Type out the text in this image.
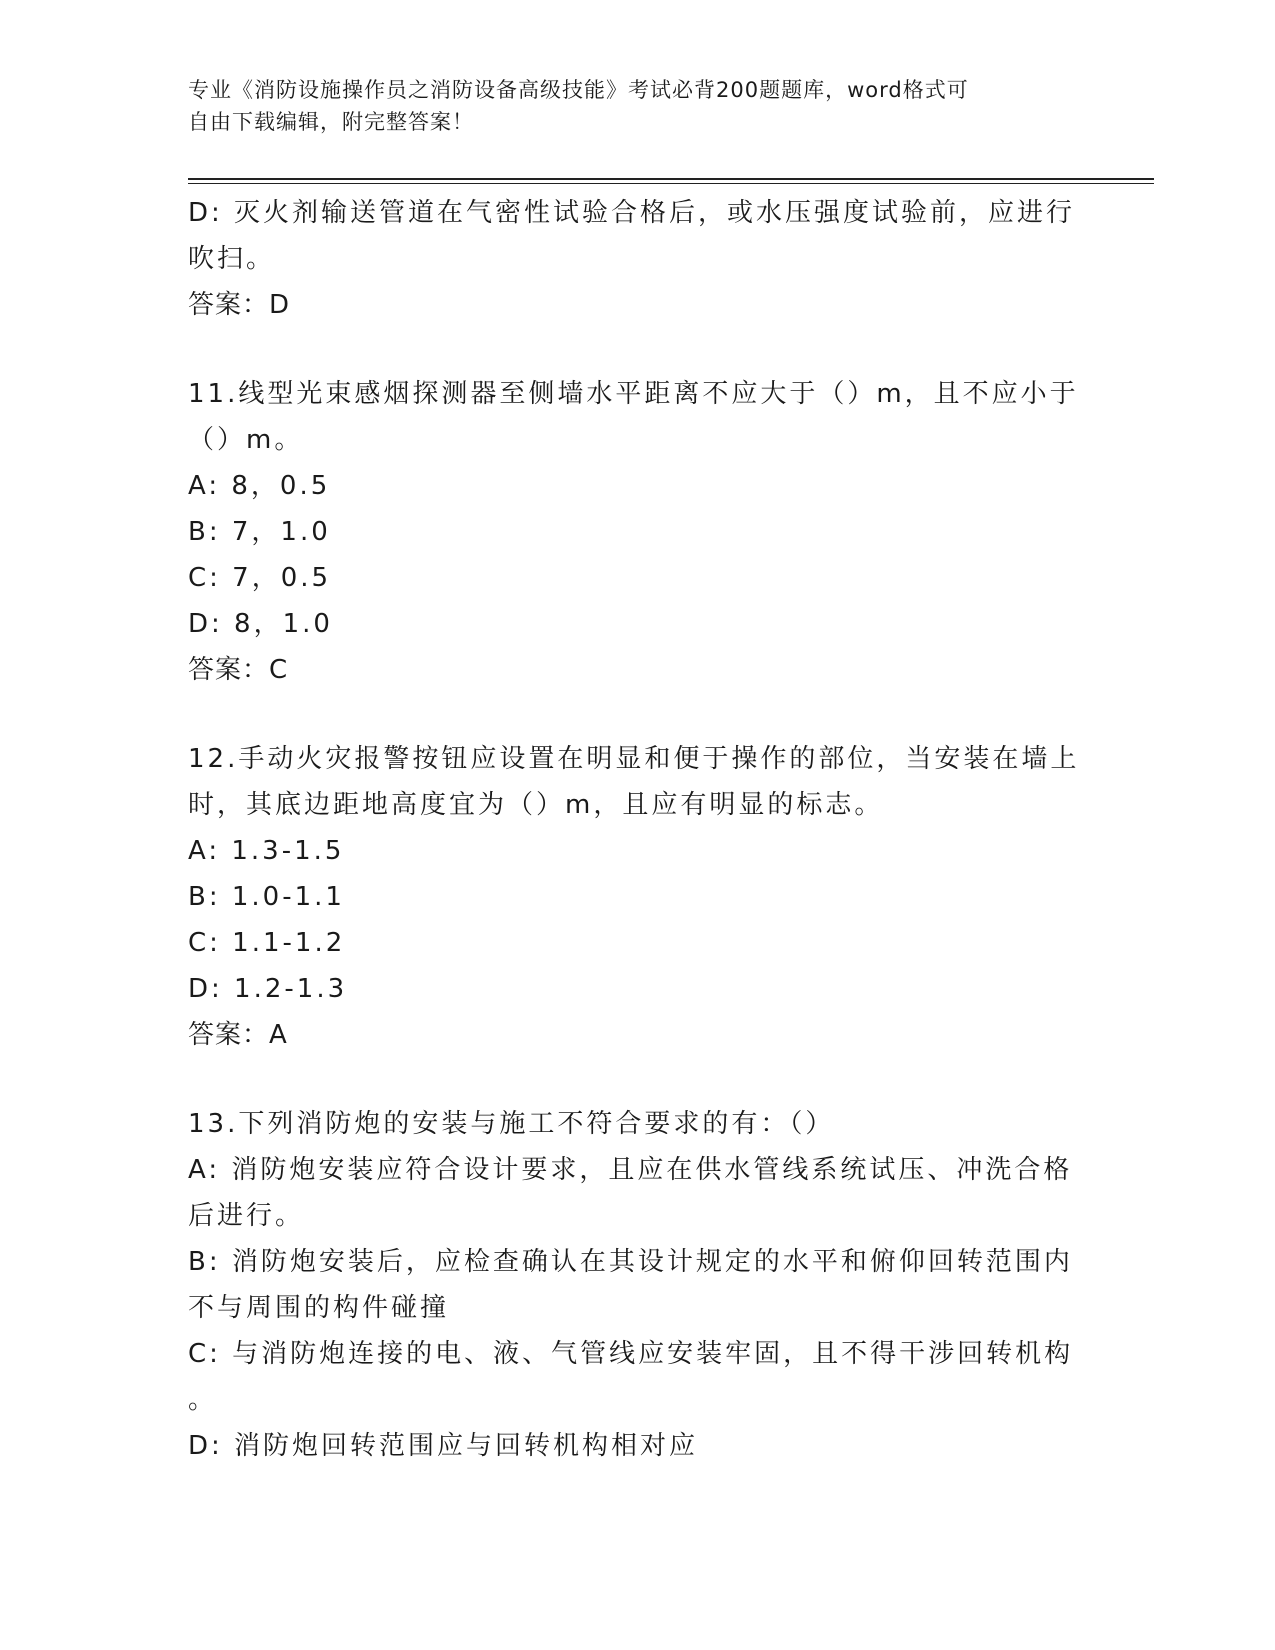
专业《消防设施操作员之消防设备高级技能》考试必背200题题库，word格式可
自由下载编辑，附完整答案！
D: 灭火剂输送管道在气密性试验合格后，或水压强度试验前，应进行
吹扫。
答案：D
11.线型光束感烟探测器至侧墙水平距离不应大于（）m，且不应小于
（）m。
A: 8，0.5
B: 7，1.0
C: 7，0.5
D: 8，1.0
答案：C
12.手动火灾报警按钮应设置在明显和便于操作的部位，当安装在墙上
时，其底边距地高度宜为（）m，且应有明显的标志。
A: 1.3-1.5
B: 1.0-1.1
C: 1.1-1.2
D: 1.2-1.3
答案：A
13.下列消防炮的安装与施工不符合要求的有：（）
A: 消防炮安装应符合设计要求，且应在供水管线系统试压、冲洗合格
后进行。
B: 消防炮安装后，应检查确认在其设计规定的水平和俯仰回转范围内
不与周围的构件碰撞
C: 与消防炮连接的电、液、气管线应安装牢固，且不得干涉回转机构
。
D: 消防炮回转范围应与回转机构相对应
